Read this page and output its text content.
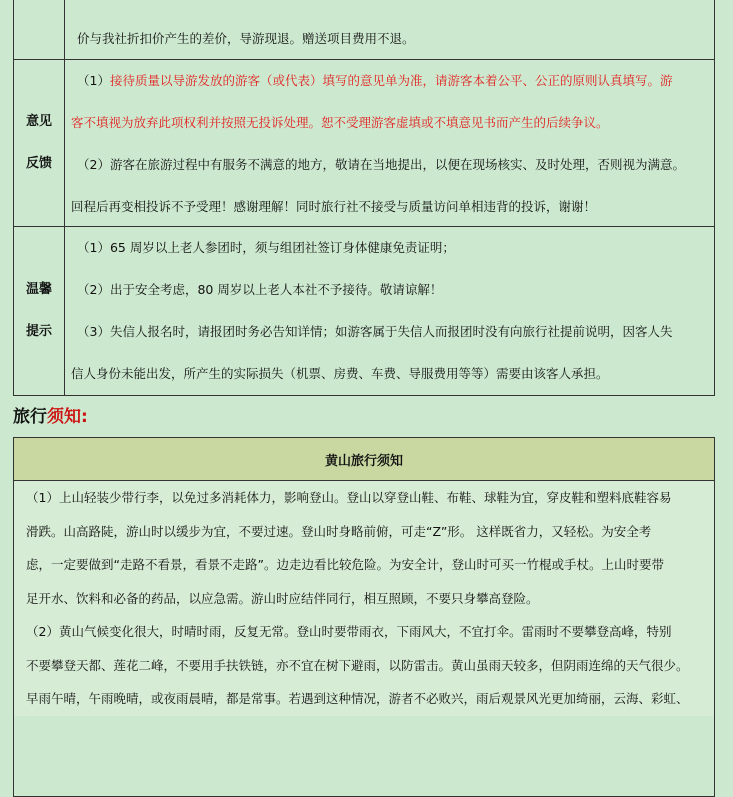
价与我社折扣价产生的差价，导游现退。赠送项目费用不退。

意见
反馈

（1）接待质量以导游发放的游客（或代表）填写的意见单为准，请游客本着公平、公正的原则认真填写。游

客不填视为放弃此项权利并按照无投诉处理。恕不受理游客虚填或不填意见书而产生的后续争议。

（2）游客在旅游过程中有服务不满意的地方，敬请在当地提出，以便在现场核实、及时处理，否则视为满意。

回程后再变相投诉不予受理！感谢理解！同时旅行社不接受与质量访问单相违背的投诉，谢谢！

温馨
提示

（1）65 周岁以上老人参团时，须与组团社签订身体健康免责证明；

（2）出于安全考虑，80 周岁以上老人本社不予接待。敬请谅解！

（3）失信人报名时，请报团时务必告知详情；如游客属于失信人而报团时没有向旅行社提前说明，因客人失

信人身份未能出发，所产生的实际损失（机票、房费、车费、导服费用等等）需要由该客人承担。

旅行须知:
黄山旅行须知

（1）上山轻装少带行李，以免过多消耗体力，影响登山。登山以穿登山鞋、布鞋、球鞋为宜，穿皮鞋和塑料底鞋容易

滑跌。山高路陡，游山时以缓步为宜，不要过速。登山时身略前俯，可走“Z”形。 这样既省力，又轻松。为安全考

虑，一定要做到“走路不看景，看景不走路”。边走边看比较危险。为安全计，登山时可买一竹棍或手杖。上山时要带

足开水、饮料和必备的药品，以应急需。游山时应结伴同行，相互照顾，不要只身攀高登险。

（2）黄山气候变化很大，时晴时雨，反复无常。登山时要带雨衣，下雨风大，不宜打伞。雷雨时不要攀登高峰，特别

不要攀登天都、莲花二峰，不要用手扶铁链，亦不宜在树下避雨，以防雷击。黄山虽雨天较多，但阴雨连绵的天气很少。

早雨午晴，午雨晚晴，或夜雨晨晴，都是常事。若遇到这种情况，游者不必败兴，雨后观景风光更加绮丽，云海、彩虹、
